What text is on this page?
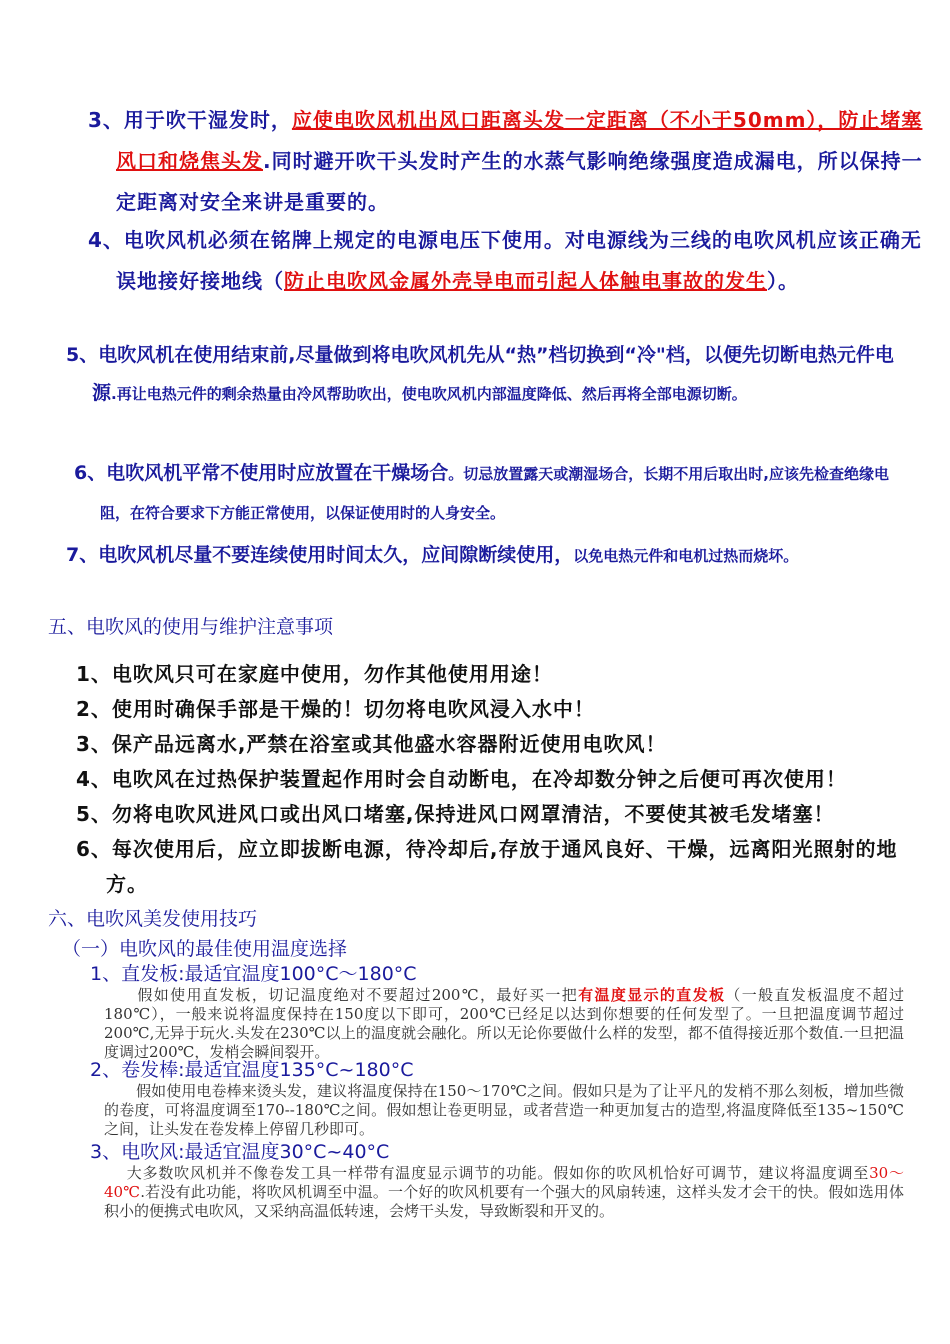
3、用于吹干湿发时，应使电吹风机出风口距离头发一定距离（不小于50mm），防止堵塞风口和烧焦头发.同时避开吹干头发时产生的水蒸气影响绝缘强度造成漏电，所以保持一定距离对安全来讲是重要的。
4、电吹风机必须在铭牌上规定的电源电压下使用。对电源线为三线的电吹风机应该正确无误地接好接地线（防止电吹风金属外壳导电而引起人体触电事故的发生）。
5、电吹风机在使用结束前,尽量做到将电吹风机先从“热”档切换到“冷"档，以便先切断电热元件电源.再让电热元件的剩余热量由冷风帮助吹出，使电吹风机内部温度降低、然后再将全部电源切断。
6、电吹风机平常不使用时应放置在干燥场合。切忌放置露天或潮湿场合，长期不用后取出时,应该先检查绝缘电阻，在符合要求下方能正常使用，以保证使用时的人身安全。
7、电吹风机尽量不要连续使用时间太久，应间隙断续使用，以免电热元件和电机过热而烧坏。
五、电吹风的使用与维护注意事项
1、电吹风只可在家庭中使用，勿作其他使用用途！
2、使用时确保手部是干燥的！切勿将电吹风浸入水中！
3、保产品远离水,严禁在浴室或其他盛水容器附近使用电吹风！
4、电吹风在过热保护装置起作用时会自动断电，在冷却数分钟之后便可再次使用！
5、勿将电吹风进风口或出风口堵塞,保持进风口网罩清洁，不要使其被毛发堵塞！
6、每次使用后，应立即拔断电源，待冷却后,存放于通风良好、干燥，远离阳光照射的地方。
六、电吹风美发使用技巧
（一）电吹风的最佳使用温度选择
1、直发板:最适宜温度100°C～180°C
假如使用直发板，切记温度绝对不要超过200℃，最好买一把有温度显示的直发板（一般直发板温度不超过180℃），一般来说将温度保持在150度以下即可，200℃已经足以达到你想要的任何发型了。一旦把温度调节超过200℃,无异于玩火.头发在230℃以上的温度就会融化。所以无论你要做什么样的发型，都不值得接近那个数值.一旦把温度调过200℃，发梢会瞬间裂开。
2、卷发棒:最适宜温度135°C~180°C
假如使用电卷棒来烫头发，建议将温度保持在150～170℃之间。假如只是为了让平凡的发梢不那么刻板，增加些微的卷度，可将温度调至170--180℃之间。假如想让卷更明显，或者营造一种更加复古的造型,将温度降低至135~150℃之间，让头发在卷发棒上停留几秒即可。
3、电吹风:最适宜温度30°C~40°C
大多数吹风机并不像卷发工具一样带有温度显示调节的功能。假如你的吹风机恰好可调节，建议将温度调至30～40℃.若没有此功能，将吹风机调至中温。一个好的吹风机要有一个强大的风扇转速，这样头发才会干的快。假如选用体积小的便携式电吹风，又采纳高温低转速，会烤干头发，导致断裂和开叉的。
